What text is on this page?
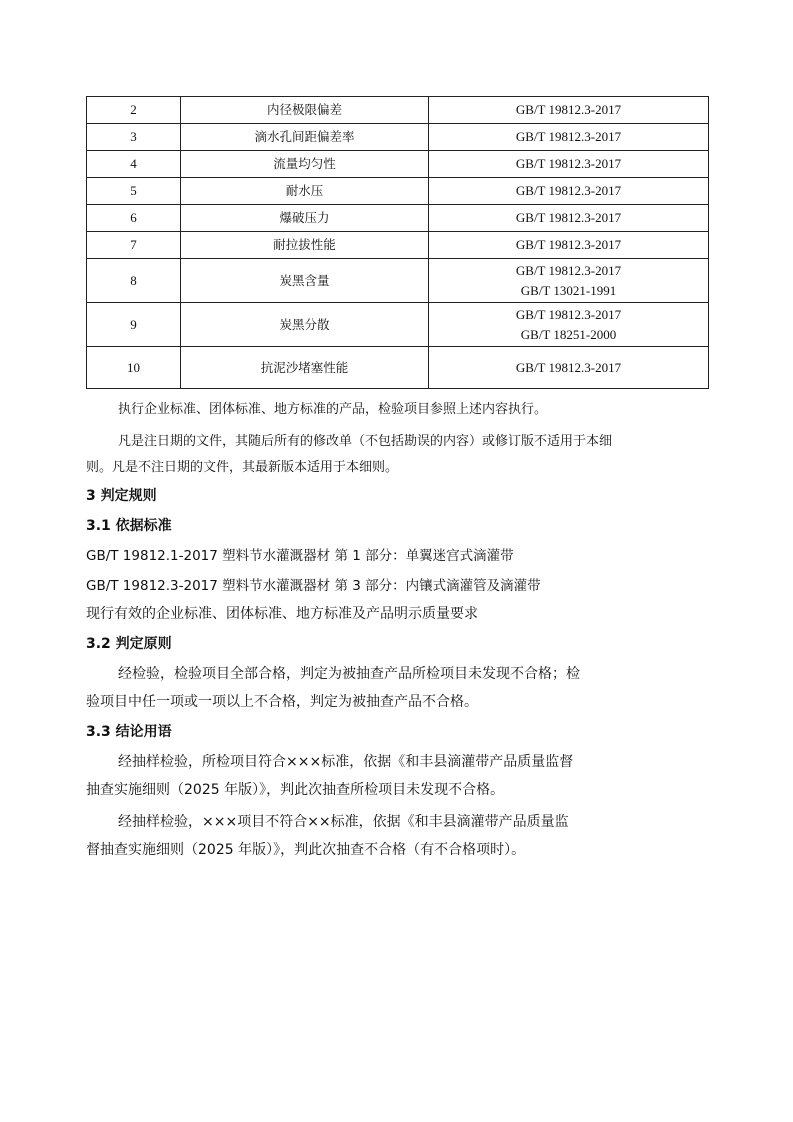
2	内径极限偏差	GB/T 19812.3-2017

3	滴水孔间距偏差率	GB/T 19812.3-2017

4	流量均匀性	GB/T 19812.3-2017

5	耐水压	GB/T 19812.3-2017

6	爆破压力	GB/T 19812.3-2017

7	耐拉拔性能	GB/T 19812.3-2017

8	炭黑含量	GB/T 19812.3-2017
GB/T 13021-1991

9	炭黑分散	GB/T 19812.3-2017
GB/T 18251-2000

10	抗泥沙堵塞性能	GB/T 19812.3-2017
执行企业标准、团体标准、地方标准的产品，检验项目参照上述内容执行。
凡是注日期的文件，其随后所有的修改单（不包括勘误的内容）或修订版不适用于本细
则。凡是不注日期的文件，其最新版本适用于本细则。
3 判定规则
3.1 依据标准
GB/T 19812.1-2017 塑料节水灌溉器材 第 1 部分：单翼迷宫式滴灌带
GB/T 19812.3-2017 塑料节水灌溉器材 第 3 部分：内镶式滴灌管及滴灌带
现行有效的企业标准、团体标准、地方标准及产品明示质量要求
3.2 判定原则
经检验，检验项目全部合格，判定为被抽查产品所检项目未发现不合格；检
验项目中任一项或一项以上不合格，判定为被抽查产品不合格。
3.3 结论用语
经抽样检验，所检项目符合×××标准，依据《和丰县滴灌带产品质量监督
抽查实施细则（2025 年版）》，判此次抽查所检项目未发现不合格。
经抽样检验，×××项目不符合××标准，依据《和丰县滴灌带产品质量监
督抽查实施细则（2025 年版）》，判此次抽查不合格（有不合格项时）。
